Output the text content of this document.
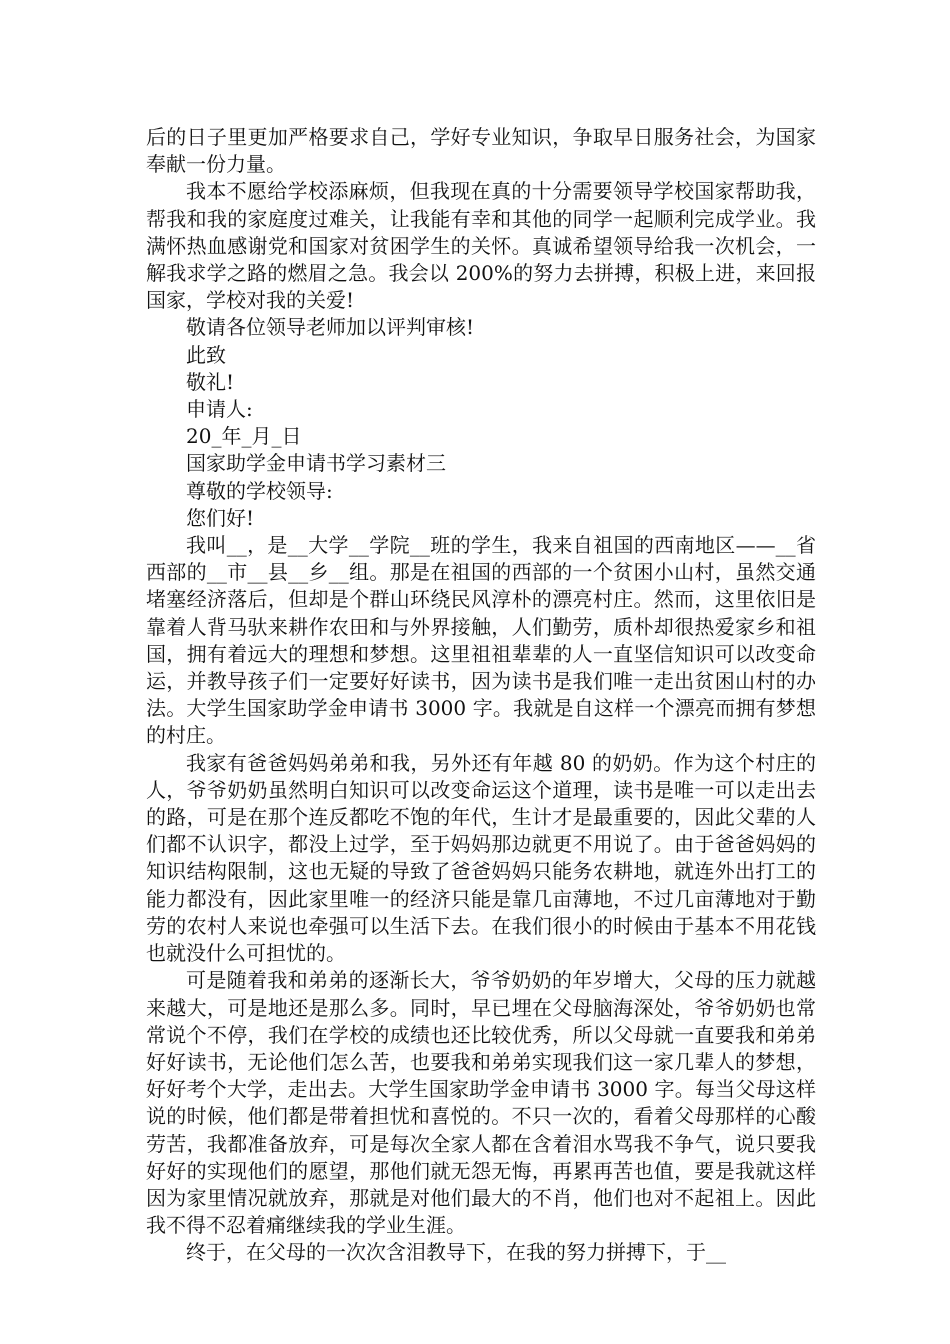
后的日子里更加严格要求自己，学好专业知识，争取早日服务社会，为国家奉献一份力量。

我本不愿给学校添麻烦，但我现在真的十分需要领导学校国家帮助我，帮我和我的家庭度过难关，让我能有幸和其他的同学一起顺利完成学业。我满怀热血感谢党和国家对贫困学生的关怀。真诚希望领导给我一次机会，一解我求学之路的燃眉之急。我会以 200%的努力去拼搏，积极上进，来回报国家，学校对我的关爱!

敬请各位领导老师加以评判审核!

此致

敬礼!

申请人:

20_年_月_日

国家助学金申请书学习素材三

尊敬的学校领导:

您们好!

我叫__，是__大学__学院__班的学生，我来自祖国的西南地区——__省西部的__市__县__乡__组。那是在祖国的西部的一个贫困小山村，虽然交通堵塞经济落后，但却是个群山环绕民风淳朴的漂亮村庄。然而，这里依旧是靠着人背马驮来耕作农田和与外界接触，人们勤劳，质朴却很热爱家乡和祖国，拥有着远大的理想和梦想。这里祖祖辈辈的人一直坚信知识可以改变命运，并教导孩子们一定要好好读书，因为读书是我们唯一走出贫困山村的办法。大学生国家助学金申请书 3000 字。我就是自这样一个漂亮而拥有梦想的村庄。

我家有爸爸妈妈弟弟和我，另外还有年越 80 的奶奶。作为这个村庄的人，爷爷奶奶虽然明白知识可以改变命运这个道理，读书是唯一可以走出去的路，可是在那个连反都吃不饱的年代，生计才是最重要的，因此父辈的人们都不认识字，都没上过学，至于妈妈那边就更不用说了。由于爸爸妈妈的知识结构限制，这也无疑的导致了爸爸妈妈只能务农耕地，就连外出打工的能力都没有，因此家里唯一的经济只能是靠几亩薄地，不过几亩薄地对于勤劳的农村人来说也牵强可以生活下去。在我们很小的时候由于基本不用花钱也就没什么可担忧的。

可是随着我和弟弟的逐渐长大，爷爷奶奶的年岁增大，父母的压力就越来越大，可是地还是那么多。同时，早已埋在父母脑海深处，爷爷奶奶也常常说个不停，我们在学校的成绩也还比较优秀，所以父母就一直要我和弟弟好好读书，无论他们怎么苦，也要我和弟弟实现我们这一家几辈人的梦想，好好考个大学，走出去。大学生国家助学金申请书 3000 字。每当父母这样说的时候，他们都是带着担忧和喜悦的。不只一次的，看着父母那样的心酸劳苦，我都准备放弃，可是每次全家人都在含着泪水骂我不争气，说只要我好好的实现他们的愿望，那他们就无怨无悔，再累再苦也值，要是我就这样因为家里情况就放弃，那就是对他们最大的不肖，他们也对不起祖上。因此我不得不忍着痛继续我的学业生涯。

终于，在父母的一次次含泪教导下，在我的努力拼搏下，于__
